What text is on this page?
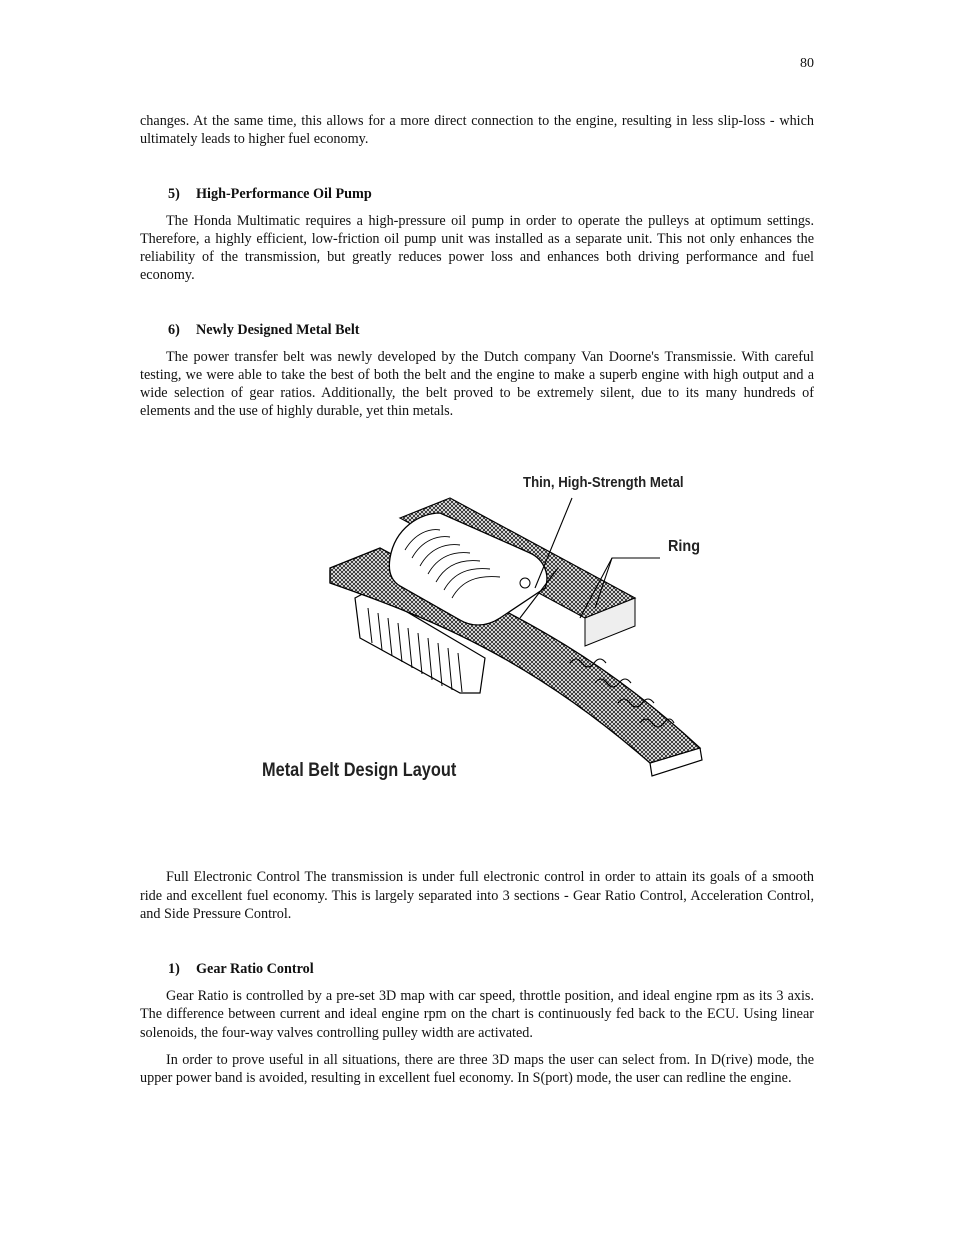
80

changes. At the same time, this allows for a more direct connection to the engine, resulting in less slip-loss - which ultimately leads to higher fuel economy.

5) High-Performance Oil Pump

The Honda Multimatic requires a high-pressure oil pump in order to operate the pulleys at optimum settings. Therefore, a highly efficient, low-friction oil pump unit was installed as a separate unit. This not only enhances the reliability of the transmission, but greatly reduces power loss and enhances both driving performance and fuel economy.

6) Newly Designed Metal Belt

The power transfer belt was newly developed by the Dutch company Van Doorne's Transmissie. With careful testing, we were able to take the best of both the belt and the engine to make a superb engine with high output and a wide selection of gear ratios. Additionally, the belt proved to be extremely silent, due to its many hundreds of elements and the use of highly durable, yet thin metals.

Thin, High-Strength Metal
Ring
Metal Belt Design Layout

Full Electronic Control The transmission is under full electronic control in order to attain its goals of a smooth ride and excellent fuel economy. This is largely separated into 3 sections - Gear Ratio Control, Acceleration Control, and Side Pressure Control.

1) Gear Ratio Control

Gear Ratio is controlled by a pre-set 3D map with car speed, throttle position, and ideal engine rpm as its 3 axis. The difference between current and ideal engine rpm on the chart is continuously fed back to the ECU. Using linear solenoids, the four-way valves controlling pulley width are activated.

In order to prove useful in all situations, there are three 3D maps the user can select from. In D(rive) mode, the upper power band is avoided, resulting in excellent fuel economy. In S(port) mode, the user can redline the engine.
